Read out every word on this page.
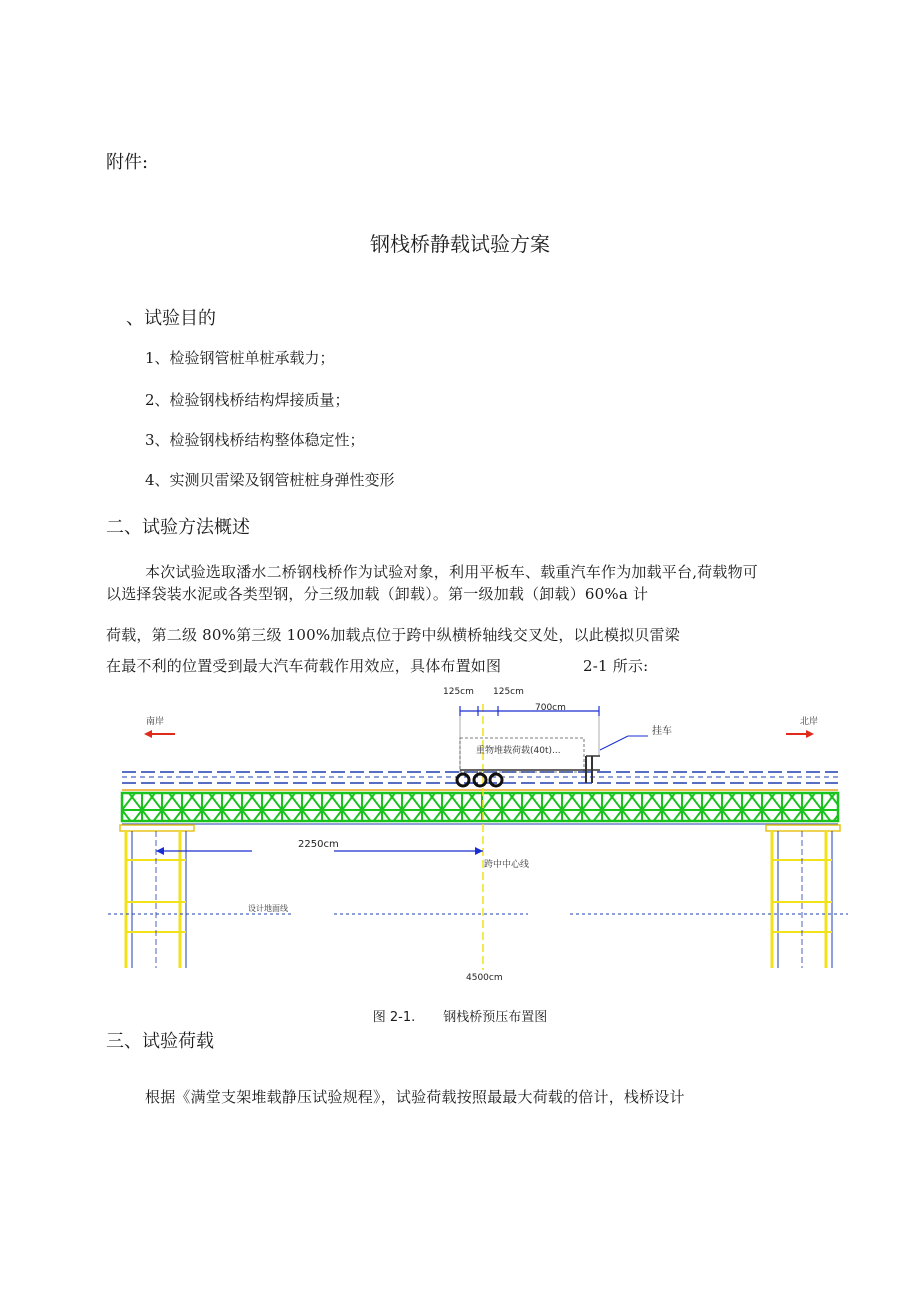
附件:
钢栈桥静载试验方案
、试验目的
1、检验钢管桩单桩承载力；
2、检验钢栈桥结构焊接质量；
3、检验钢栈桥结构整体稳定性；
4、实测贝雷梁及钢管桩桩身弹性变形
二、试验方法概述
本次试验选取潘水二桥钢栈桥作为试验对象，利用平板车、载重汽车作为加载平台,荷载物可
以选择袋装水泥或各类型钢，分三级加载（卸载）。第一级加载（卸载）60%a 计
荷载，第二级 80%第三级 100%加载点位于跨中纵横桥轴线交叉处，以此模拟贝雷梁
在最不利的位置受到最大汽车荷载作用效应，具体布置如图	2-1 所示:
125cm 125cm
700cm
重物堆载荷载(40t)...
挂车
南岸	北岸
2250cm
跨中中心线
设计地面线
4500cm
图 2-1. 钢栈桥预压布置图
三、试验荷载
根据《满堂支架堆载静压试验规程》，试验荷载按照最最大荷载的倍计，栈桥设计
